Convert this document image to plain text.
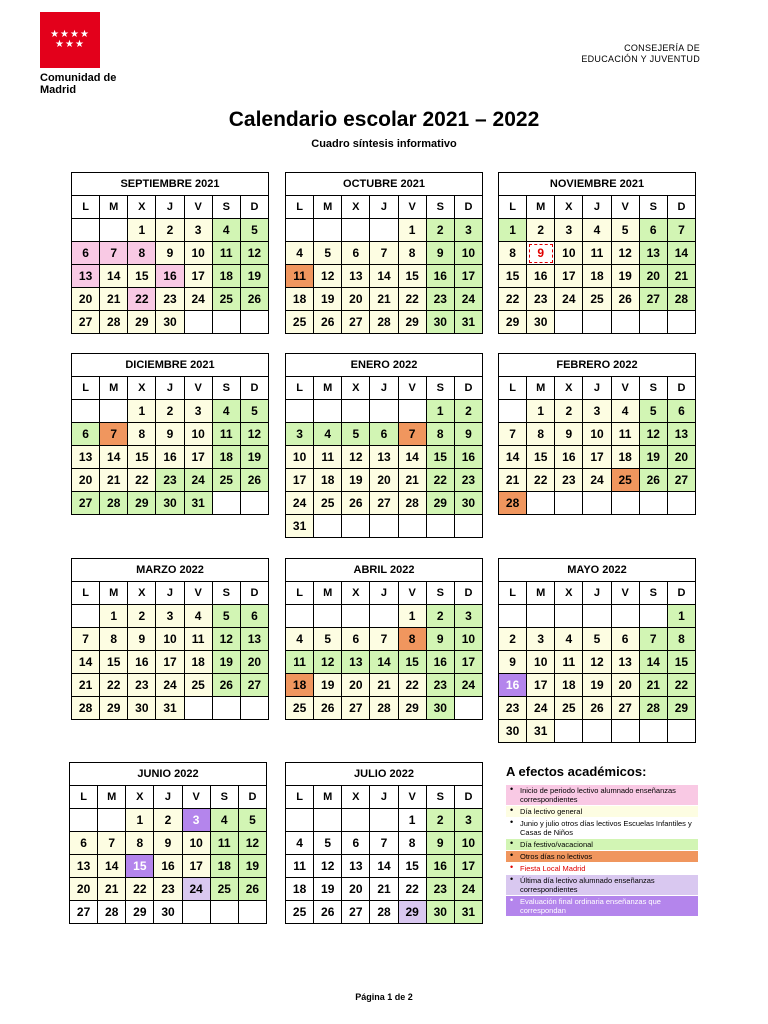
★★★★
★★★
Comunidad de Madrid
CONSEJERÍA DE
EDUCACIÓN Y JUVENTUD
Calendario escolar 2021 – 2022
Cuadro síntesis informativo
SEPTIEMBRE 2021						
L	M	X	J	V	S	D
		1	2	3	4	5
6	7	8	9	10	11	12
13	14	15	16	17	18	19
20	21	22	23	24	25	26
27	28	29	30			
OCTUBRE 2021						
L	M	X	J	V	S	D
				1	2	3
4	5	6	7	8	9	10
11	12	13	14	15	16	17
18	19	20	21	22	23	24
25	26	27	28	29	30	31
NOVIEMBRE 2021						
L	M	X	J	V	S	D
1	2	3	4	5	6	7
8	9	10	11	12	13	14
15	16	17	18	19	20	21
22	23	24	25	26	27	28
29	30					
DICIEMBRE 2021						
L	M	X	J	V	S	D
		1	2	3	4	5
6	7	8	9	10	11	12
13	14	15	16	17	18	19
20	21	22	23	24	25	26
27	28	29	30	31		
ENERO 2022						
L	M	X	J	V	S	D
					1	2
3	4	5	6	7	8	9
10	11	12	13	14	15	16
17	18	19	20	21	22	23
24	25	26	27	28	29	30
31						
FEBRERO 2022						
L	M	X	J	V	S	D
	1	2	3	4	5	6
7	8	9	10	11	12	13
14	15	16	17	18	19	20
21	22	23	24	25	26	27
28						
MARZO 2022						
L	M	X	J	V	S	D
	1	2	3	4	5	6
7	8	9	10	11	12	13
14	15	16	17	18	19	20
21	22	23	24	25	26	27
28	29	30	31			
ABRIL 2022						
L	M	X	J	V	S	D
				1	2	3
4	5	6	7	8	9	10
11	12	13	14	15	16	17
18	19	20	21	22	23	24
25	26	27	28	29	30	
MAYO 2022						
L	M	X	J	V	S	D
						1
2	3	4	5	6	7	8
9	10	11	12	13	14	15
16	17	18	19	20	21	22
23	24	25	26	27	28	29
30	31					
JUNIO 2022						
L	M	X	J	V	S	D
		1	2	3	4	5
6	7	8	9	10	11	12
13	14	15	16	17	18	19
20	21	22	23	24	25	26
27	28	29	30			
JULIO 2022						
L	M	X	J	V	S	D
				1	2	3
4	5	6	7	8	9	10
11	12	13	14	15	16	17
18	19	20	21	22	23	24
25	26	27	28	29	30	31
A efectos académicos:
• Inicio de periodo lectivo alumnado enseñanzas correspondientes
• Día lectivo general
• Junio y julio otros días lectivos Escuelas Infantiles y Casas de Niños
• Día festivo/vacacional
• Otros días no lectivos
• Fiesta Local Madrid
• Última día lectivo alumnado enseñanzas correspondientes
• Evaluación final ordinaria enseñanzas que correspondan
Página 1 de 2
